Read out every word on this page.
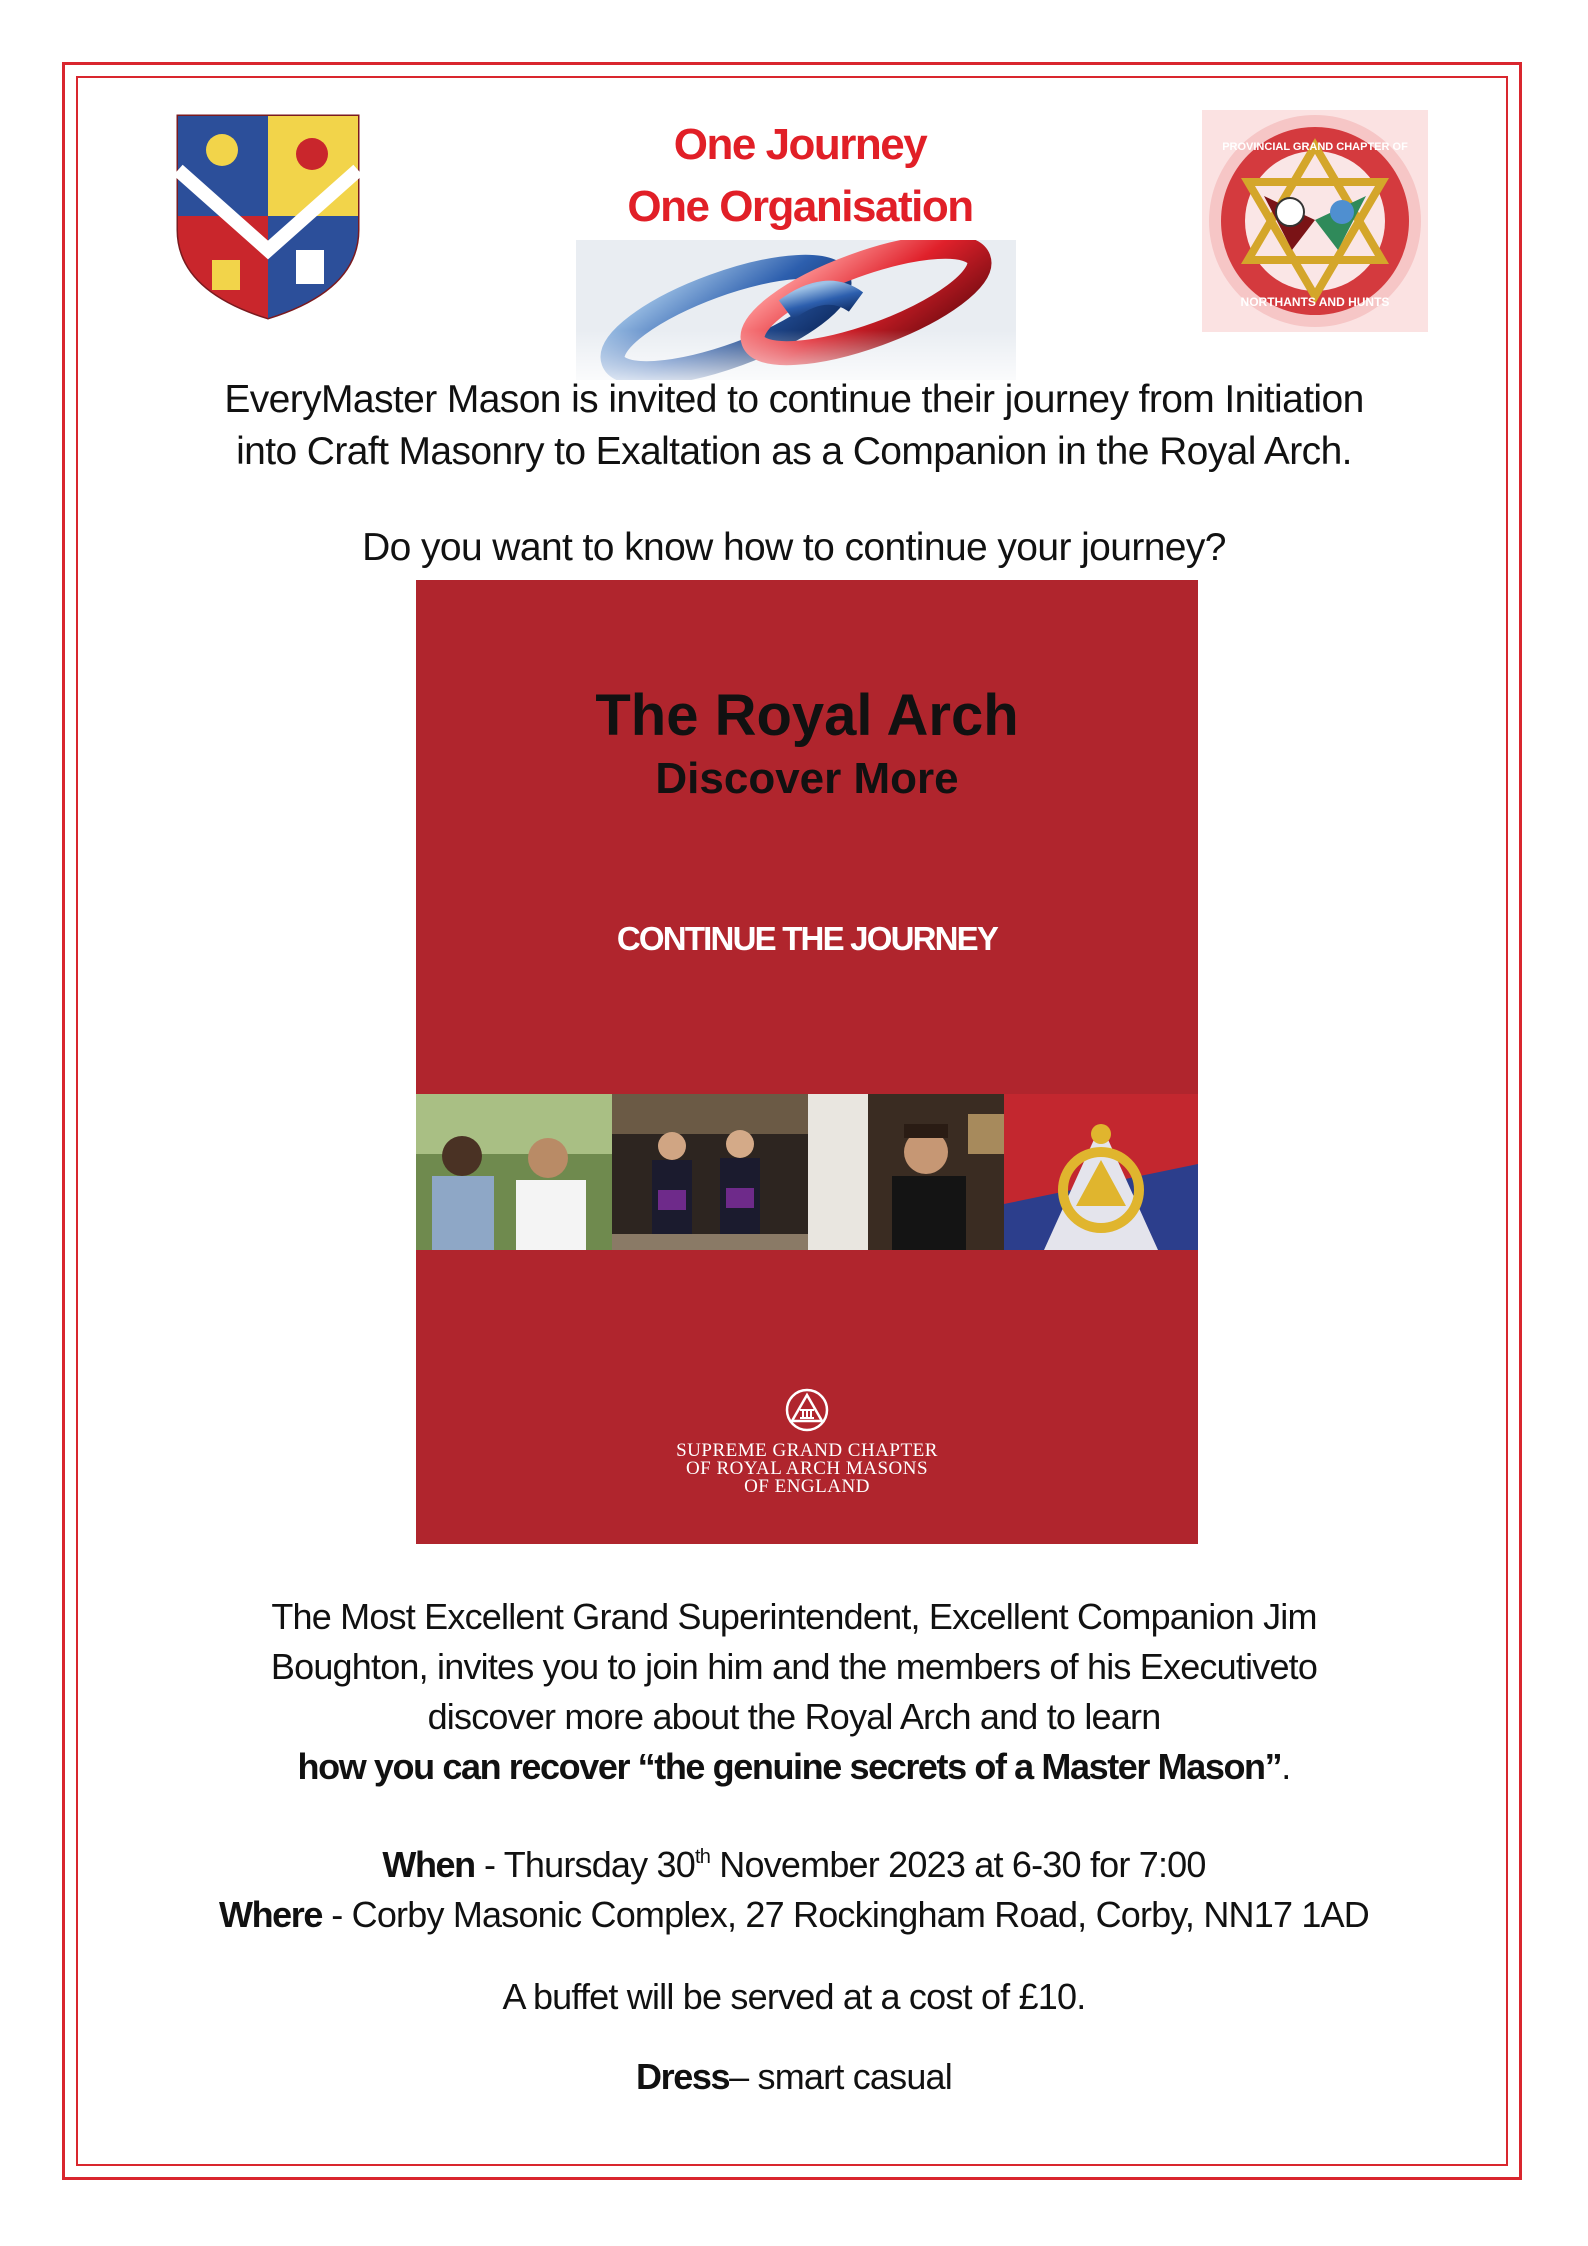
One Journey
One Organisation
PROVINCIAL GRAND CHAPTER OF
NORTHANTS AND HUNTS
EveryMaster Mason is invited to continue their journey from Initiation
into Craft Masonry to Exaltation as a Companion in the Royal Arch.
Do you want to know how to continue your journey?
The Royal Arch
Discover More
CONTINUE THE JOURNEY
SUPREME GRAND CHAPTER
OF ROYAL ARCH MASONS
OF ENGLAND
The Most Excellent Grand Superintendent, Excellent Companion Jim
Boughton, invites you to join him and the members of his Executiveto
discover more about the Royal Arch and to learn
how you can recover “the genuine secrets of a Master Mason”.
When - Thursday 30th November 2023 at 6-30 for 7:00
Where - Corby Masonic Complex, 27 Rockingham Road, Corby, NN17 1AD
A buffet will be served at a cost of £10.
Dress– smart casual
